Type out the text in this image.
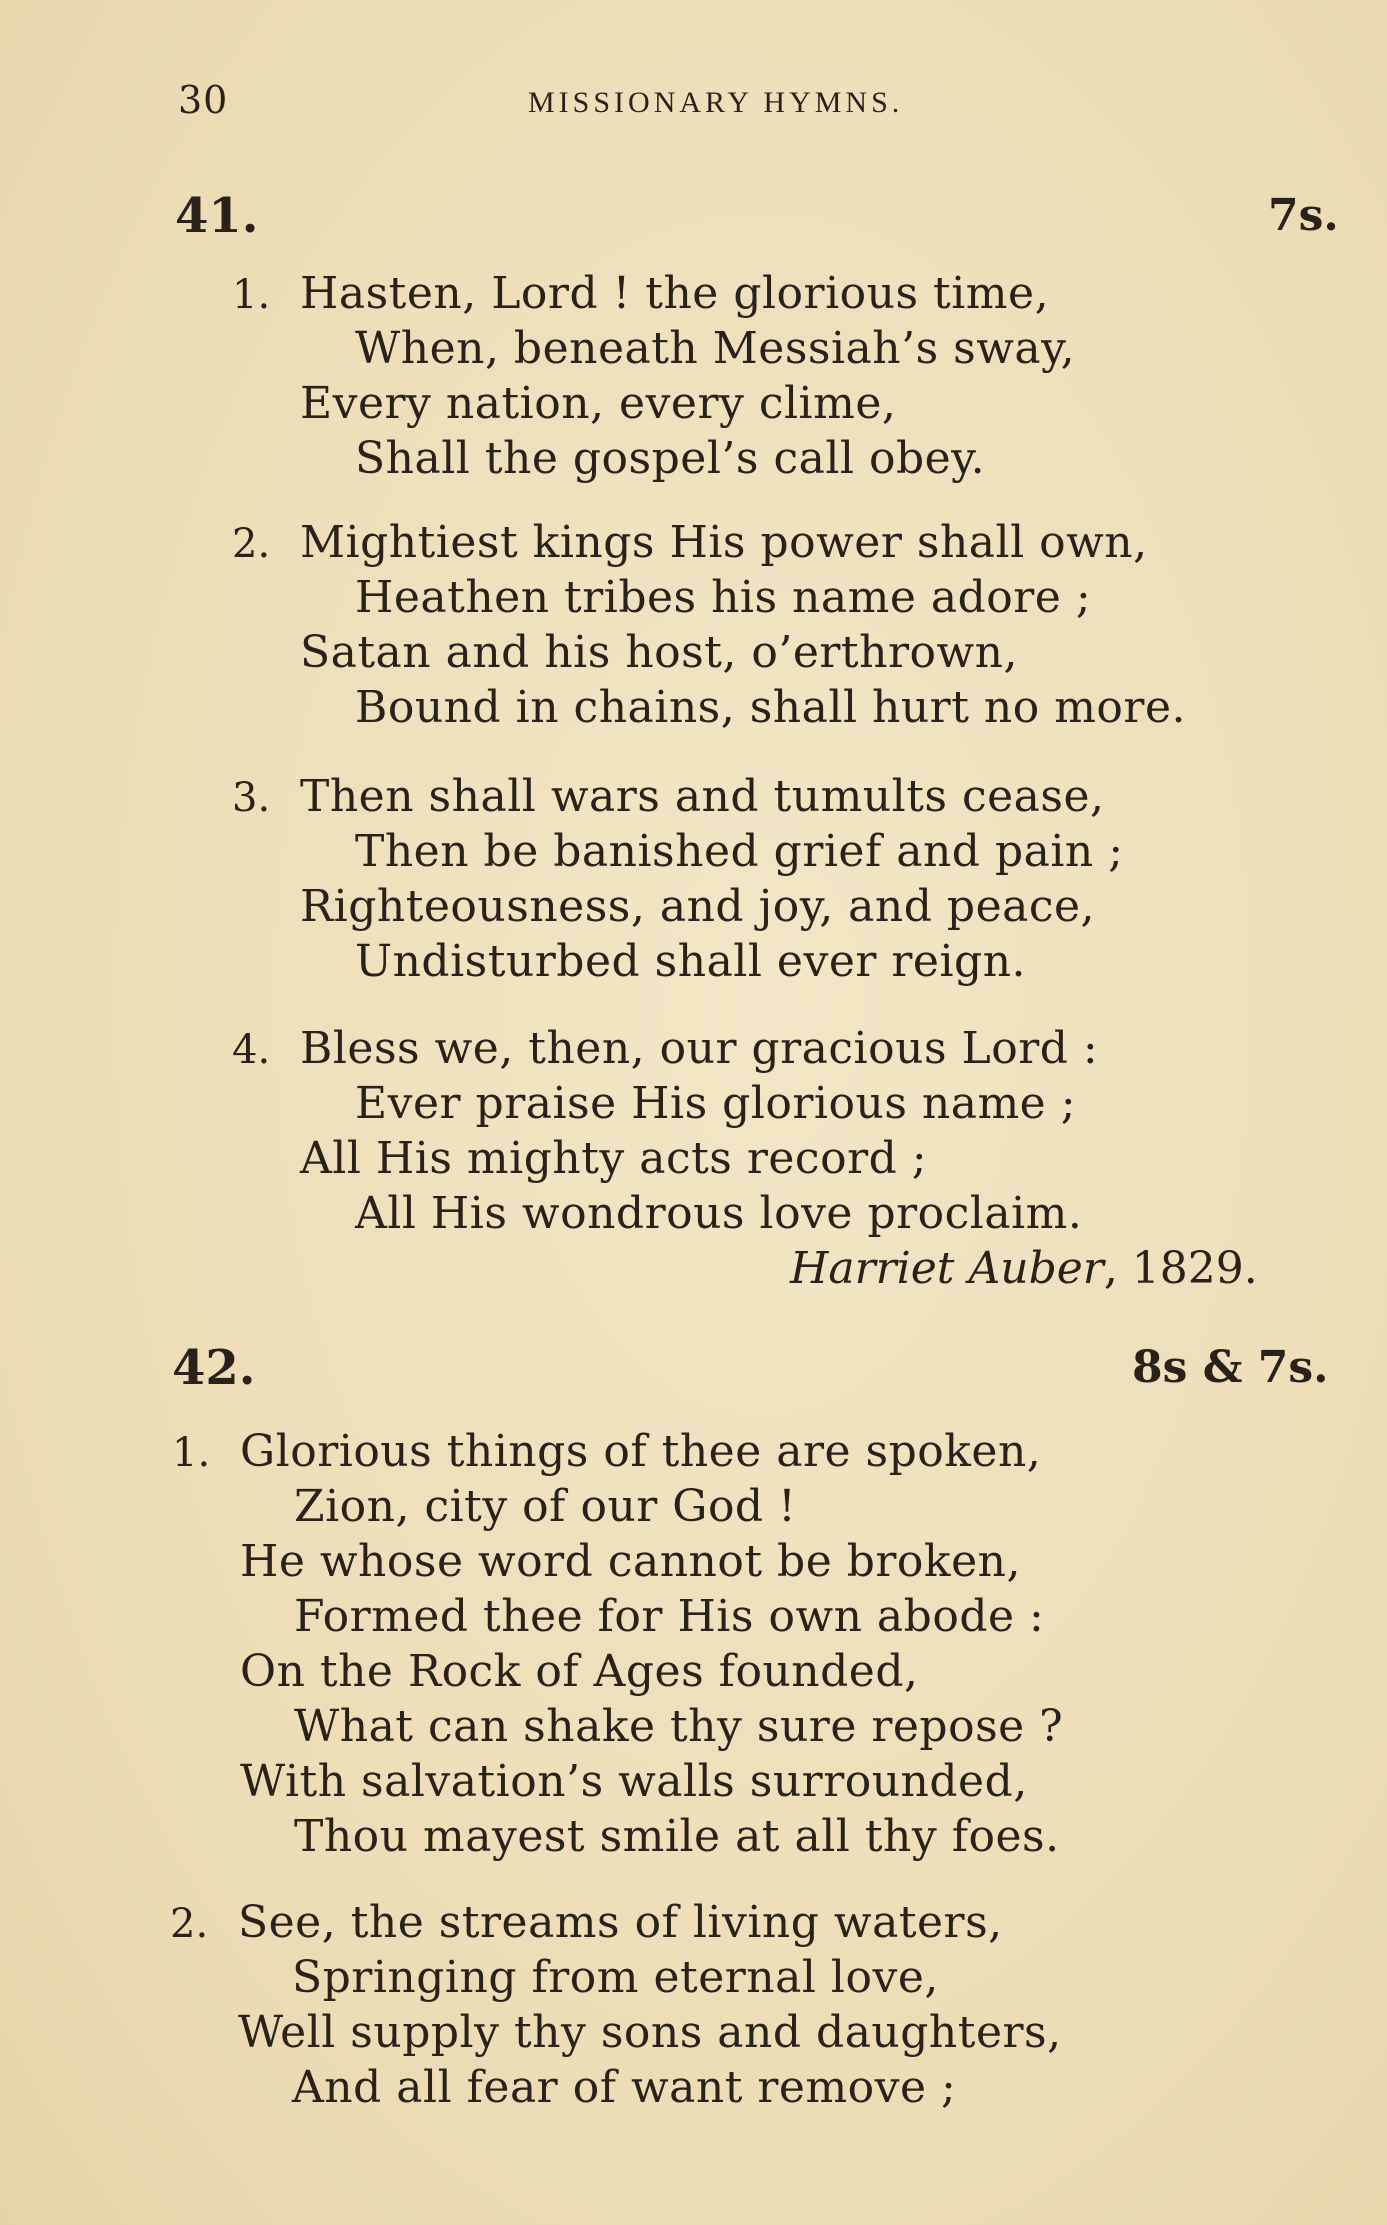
30	MISSIONARY HYMNS.
41.	7s.
1. Hasten, Lord ! the glorious time,
When, beneath Messiah’s sway,
Every nation, every clime,
Shall the gospel’s call obey.
2. Mightiest kings His power shall own,
Heathen tribes his name adore ;
Satan and his host, o’erthrown,
Bound in chains, shall hurt no more.
3. Then shall wars and tumults cease,
Then be banished grief and pain ;
Righteousness, and joy, and peace,
Undisturbed shall ever reign.
4. Bless we, then, our gracious Lord :
Ever praise His glorious name ;
All His mighty acts record ;
All His wondrous love proclaim.
Harriet Auber, 1829.
42.	8s & 7s.
1. Glorious things of thee are spoken,
Zion, city of our God !
He whose word cannot be broken,
Formed thee for His own abode :
On the Rock of Ages founded,
What can shake thy sure repose ?
With salvation’s walls surrounded,
Thou mayest smile at all thy foes.
2. See, the streams of living waters,
Springing from eternal love,
Well supply thy sons and daughters,
And all fear of want remove ;
